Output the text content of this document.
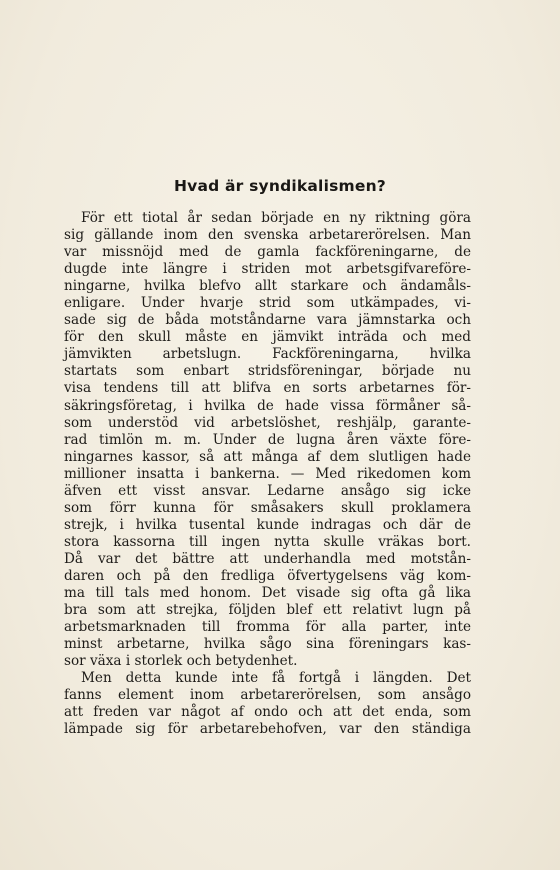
Hvad är syndikalismen?
För ett tiotal år sedan började en ny riktning göra
sig gällande inom den svenska arbetarerörelsen. Man
var missnöjd med de gamla fackföreningarne, de
dugde inte längre i striden mot arbetsgifvareföre-
ningarne, hvilka blefvo allt starkare och ändamåls-
enligare. Under hvarje strid som utkämpades, vi-
sade sig de båda motståndarne vara jämnstarka och
för den skull måste en jämvikt inträda och med
jämvikten arbetslugn. Fackföreningarna, hvilka
startats som enbart stridsföreningar, började nu
visa tendens till att blifva en sorts arbetarnes för-
säkringsföretag, i hvilka de hade vissa förmåner så-
som understöd vid arbetslöshet, reshjälp, garante-
rad timlön m. m. Under de lugna åren växte före-
ningarnes kassor, så att många af dem slutligen hade
millioner insatta i bankerna. — Med rikedomen kom
äfven ett visst ansvar. Ledarne ansågo sig icke
som förr kunna för småsakers skull proklamera
strejk, i hvilka tusental kunde indragas och där de
stora kassorna till ingen nytta skulle vräkas bort.
Då var det bättre att underhandla med motstån-
daren och på den fredliga öfvertygelsens väg kom-
ma till tals med honom. Det visade sig ofta gå lika
bra som att strejka, följden blef ett relativt lugn på
arbetsmarknaden till fromma för alla parter, inte
minst arbetarne, hvilka sågo sina föreningars kas-
sor växa i storlek och betydenhet.
Men detta kunde inte få fortgå i längden. Det
fanns element inom arbetarerörelsen, som ansågo
att freden var något af ondo och att det enda, som
lämpade sig för arbetarebehofven, var den ständiga
